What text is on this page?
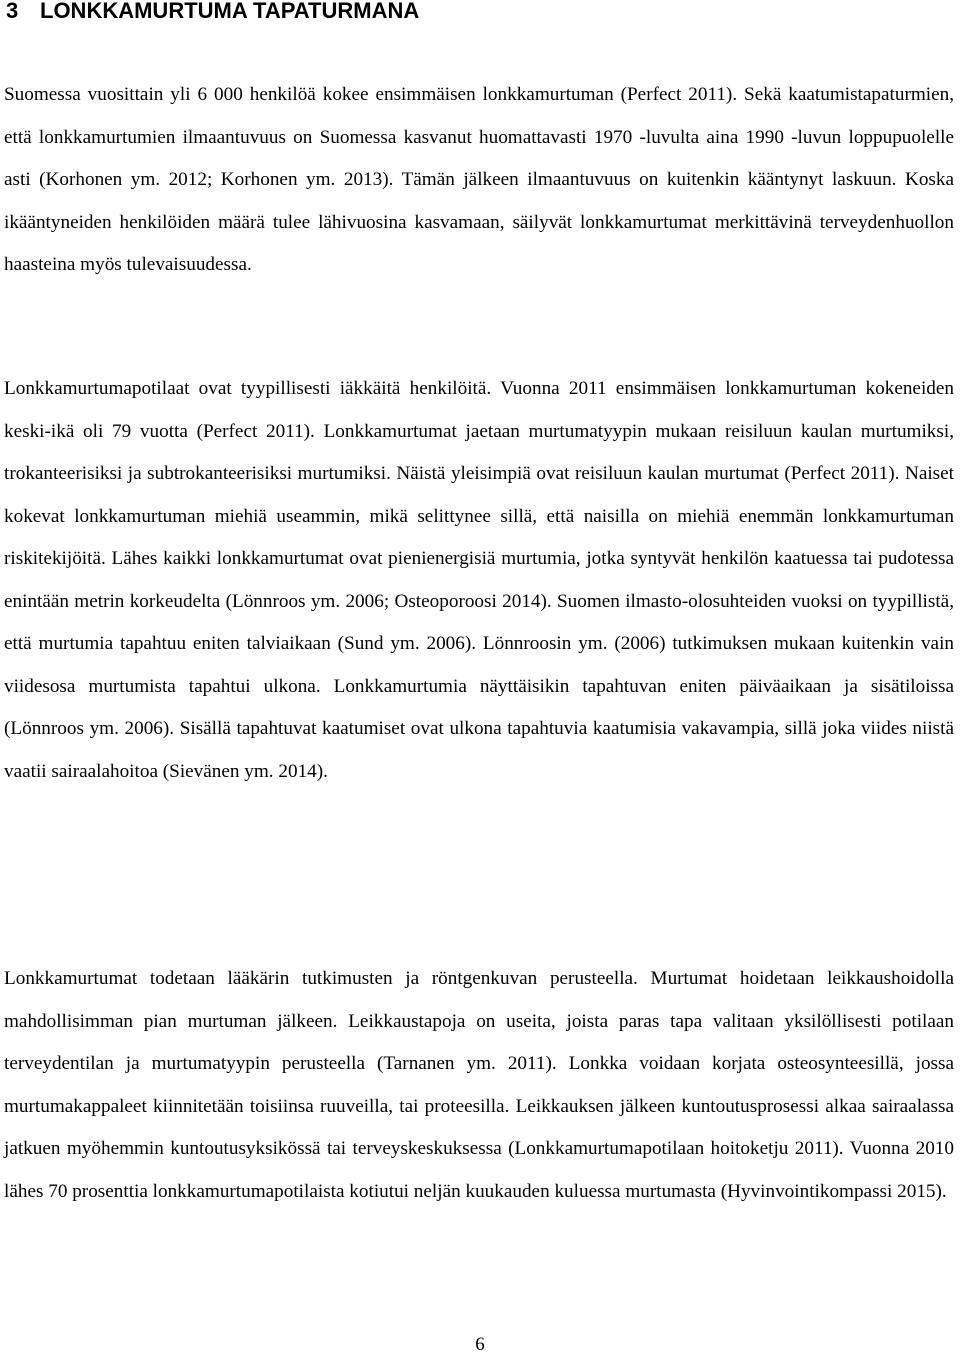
3 LONKKAMURTUMA TAPATURMANA

Suomessa vuosittain yli 6 000 henkilöä kokee ensimmäisen lonkkamurtuman (Perfect 2011). Sekä kaatumistapaturmien, että lonkkamurtumien ilmaantuvuus on Suomessa kasvanut huomattavasti 1970 -luvulta aina 1990 -luvun loppupuolelle asti (Korhonen ym. 2012; Korhonen ym. 2013). Tämän jälkeen ilmaantuvuus on kuitenkin kääntynyt laskuun. Koska ikääntyneiden henkilöiden määrä tulee lähivuosina kasvamaan, säilyvät lonkkamurtumat merkittävinä terveydenhuollon haasteina myös tulevaisuudessa.

Lonkkamurtumapotilaat ovat tyypillisesti iäkkäitä henkilöitä. Vuonna 2011 ensimmäisen lonkkamurtuman kokeneiden keski-ikä oli 79 vuotta (Perfect 2011). Lonkkamurtumat jaetaan murtumatyypin mukaan reisiluun kaulan murtumiksi, trokanteerisiksi ja subtrokanteerisiksi murtumiksi. Näistä yleisimpiä ovat reisiluun kaulan murtumat (Perfect 2011). Naiset kokevat lonkkamurtuman miehiä useammin, mikä selittynee sillä, että naisilla on miehiä enemmän lonkkamurtuman riskitekijöitä. Lähes kaikki lonkkamurtumat ovat pienienergisiä murtumia, jotka syntyvät henkilön kaatuessa tai pudotessa enintään metrin korkeudelta (Lönnroos ym. 2006; Osteoporoosi 2014). Suomen ilmasto-olosuhteiden vuoksi on tyypillistä, että murtumia tapahtuu eniten talviaikaan (Sund ym. 2006). Lönnroosin ym. (2006) tutkimuksen mukaan kuitenkin vain viidesosa murtumista tapahtui ulkona. Lonkkamurtumia näyttäisikin tapahtuvan eniten päiväaikaan ja sisätiloissa (Lönnroos ym. 2006). Sisällä tapahtuvat kaatumiset ovat ulkona tapahtuvia kaatumisia vakavampia, sillä joka viides niistä vaatii sairaalahoitoa (Sievänen ym. 2014).

Lonkkamurtumat todetaan lääkärin tutkimusten ja röntgenkuvan perusteella. Murtumat hoidetaan leikkaushoidolla mahdollisimman pian murtuman jälkeen. Leikkaustapoja on useita, joista paras tapa valitaan yksilöllisesti potilaan terveydentilan ja murtumatyypin perusteella (Tarnanen ym. 2011). Lonkka voidaan korjata osteosynteesillä, jossa murtumakappaleet kiinnitetään toisiinsa ruuveilla, tai proteesilla. Leikkauksen jälkeen kuntoutusprosessi alkaa sairaalassa jatkuen myöhemmin kuntoutusyksikössä tai terveyskeskuksessa (Lonkkamurtumapotilaan hoitoketju 2011). Vuonna 2010 lähes 70 prosenttia lonkkamurtumapotilaista kotiutui neljän kuukauden kuluessa murtumasta (Hyvinvointikompassi 2015).

6
